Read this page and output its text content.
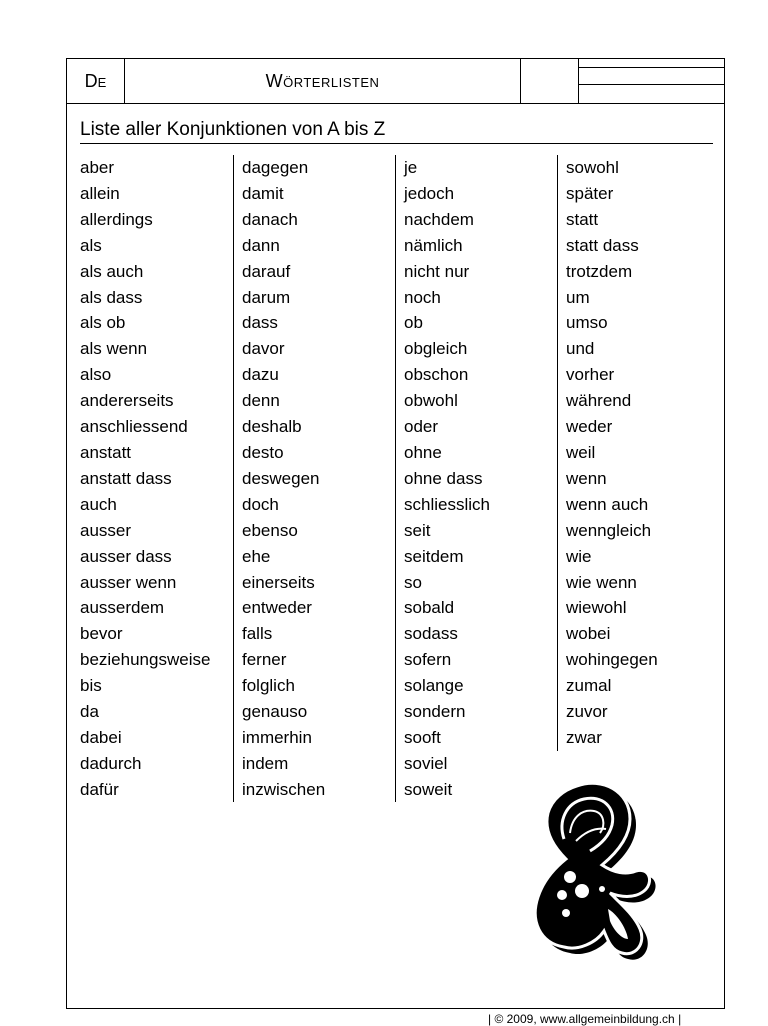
De	Wörterlisten
Liste aller Konjunktionen von A bis Z
aber
allein
allerdings
als
als auch
als dass
als ob
als wenn
also
andererseits
anschliessend
anstatt
anstatt dass
auch
ausser
ausser dass
ausser wenn
ausserdem
bevor
beziehungsweise
bis
da
dabei
dadurch
dafür
dagegen
damit
danach
dann
darauf
darum
dass
davor
dazu
denn
deshalb
desto
deswegen
doch
ebenso
ehe
einerseits
entweder
falls
ferner
folglich
genauso
immerhin
indem
inzwischen
je
jedoch
nachdem
nämlich
nicht nur
noch
ob
obgleich
obschon
obwohl
oder
ohne
ohne dass
schliesslich
seit
seitdem
so
sobald
sodass
sofern
solange
sondern
sooft
soviel
soweit
sowohl
später
statt
statt dass
trotzdem
um
umso
und
vorher
während
weder
weil
wenn
wenn auch
wenngleich
wie
wie wenn
wiewohl
wobei
wohingegen
zumal
zuvor
zwar
| © 2009, www.allgemeinbildung.ch |
